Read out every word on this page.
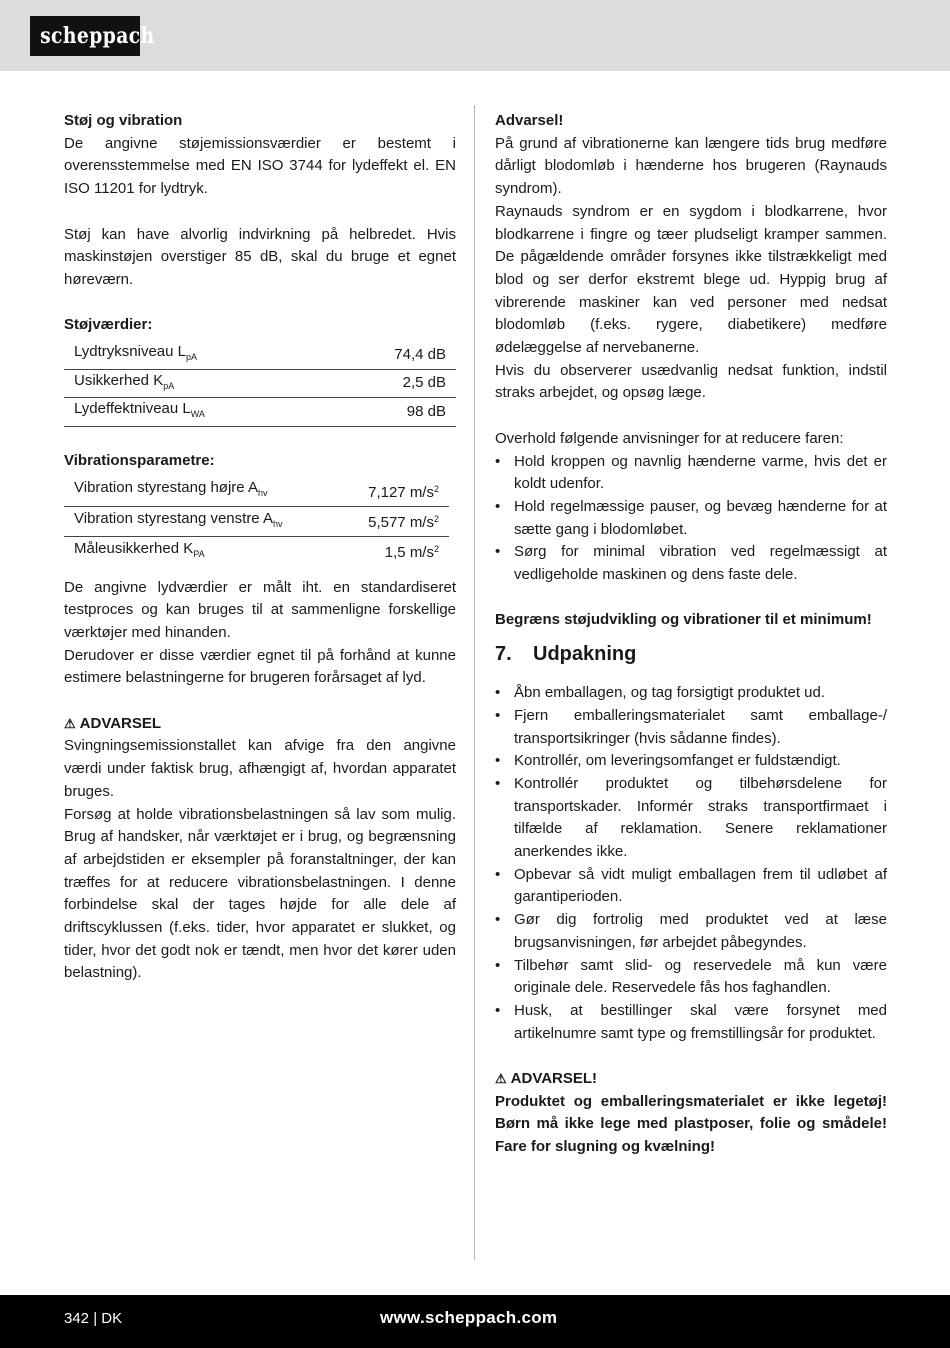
scheppach
Støj og vibration
De angivne støjemissionsværdier er bestemt i overensstemmelse med EN ISO 3744 for lydeffekt el. EN ISO 11201 for lydtryk.
Støj kan have alvorlig indvirkning på helbredet. Hvis maskinstøjen overstiger 85 dB, skal du bruge et egnet høreværn.
Støjværdier:
Lydtryksniveau $L_{pA}$	74,4 dB
Usikkerhed $K_{pA}$	2,5 dB
Lydeffektniveau $L_{WA}$	98 dB
Vibrationsparametre:
Vibration styrestang højre $A_{hv}$	7,127 $m/s^2$
Vibration styrestang venstre $A_{hv}$	5,577 $m/s^2$
Måleusikkerhed $K_{PA}$	1,5 $m/s^2$
De angivne lydværdier er målt iht. en standardiseret testproces og kan bruges til at sammenligne forskellige værktøjer med hinanden.
Derudover er disse værdier egnet til på forhånd at kunne estimere belastningerne for brugeren forårsaget af lyd.
⚠ ADVARSEL
Svingningsemissionstallet kan afvige fra den angivne værdi under faktisk brug, afhængigt af, hvordan apparatet bruges.
Forsøg at holde vibrationsbelastningen så lav som mulig. Brug af handsker, når værktøjet er i brug, og begrænsning af arbejdstiden er eksempler på foranstaltninger, der kan træffes for at reducere vibrationsbelastningen. I denne forbindelse skal der tages højde for alle dele af driftscyklussen (f.eks. tider, hvor apparatet er slukket, og tider, hvor det godt nok er tændt, men hvor det kører uden belastning).
Advarsel!
På grund af vibrationerne kan længere tids brug medføre dårligt blodomløb i hænderne hos brugeren (Raynauds syndrom).
Raynauds syndrom er en sygdom i blodkarrene, hvor blodkarrene i fingre og tæer pludseligt kramper sammen. De pågældende områder forsynes ikke tilstrækkeligt med blod og ser derfor ekstremt blege ud. Hyppig brug af vibrerende maskiner kan ved personer med nedsat blodomløb (f.eks. rygere, diabetikere) medføre ødelæggelse af nervebanerne.
Hvis du observerer usædvanlig nedsat funktion, indstil straks arbejdet, og opsøg læge.
Overhold følgende anvisninger for at reducere faren:
• Hold kroppen og navnlig hænderne varme, hvis det er koldt udenfor.
• Hold regelmæssige pauser, og bevæg hænderne for at sætte gang i blodomløbet.
• Sørg for minimal vibration ved regelmæssigt at vedligeholde maskinen og dens faste dele.
Begræns støjudvikling og vibrationer til et minimum!
7. Udpakning
• Åbn emballagen, og tag forsigtigt produktet ud.
• Fjern emballeringsmaterialet samt emballage-/ transportsikringer (hvis sådanne findes).
• Kontrollér, om leveringsomfanget er fuldstændigt.
• Kontrollér produktet og tilbehørsdelene for transportskader. Informér straks transportfirmaet i tilfælde af reklamation. Senere reklamationer anerkendes ikke.
• Opbevar så vidt muligt emballagen frem til udløbet af garantiperioden.
• Gør dig fortrolig med produktet ved at læse brugsanvisningen, før arbejdet påbegyndes.
• Tilbehør samt slid- og reservedele må kun være originale dele. Reservedele fås hos faghandlen.
• Husk, at bestillinger skal være forsynet med artikelnumre samt type og fremstillingsår for produktet.
⚠ ADVARSEL!
Produktet og emballeringsmaterialet er ikke legetøj! Børn må ikke lege med plastposer, folie og smådele! Fare for slugning og kvælning!
342 | DK	www.scheppach.com
